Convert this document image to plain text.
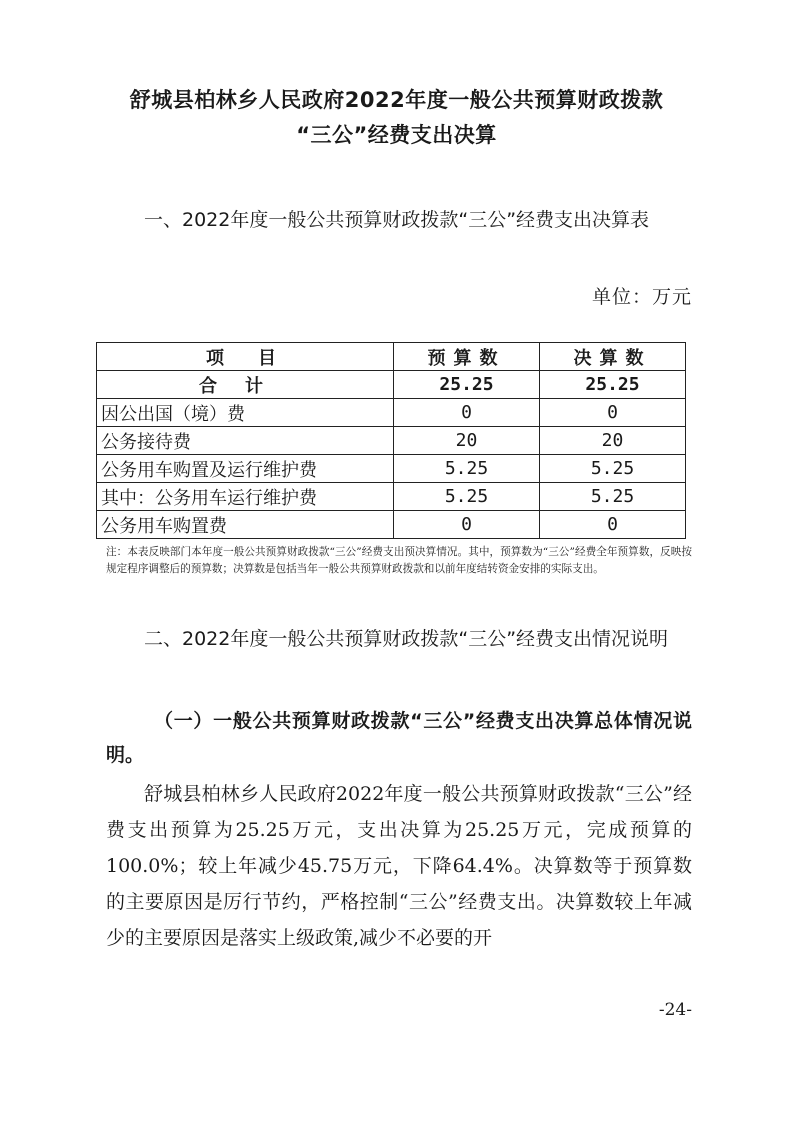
舒城县柏林乡人民政府2022年度一般公共预算财政拨款
“三公”经费支出决算
一、2022年度一般公共预算财政拨款“三公”经费支出决算表
单位：万元
项　目	预算数	决算数
合计	25.25	25.25
因公出国（境）费	0	0
公务接待费	20	20
公务用车购置及运行维护费	5.25	5.25
其中：公务用车运行维护费	5.25	5.25
公务用车购置费	0	0
注：本表反映部门本年度一般公共预算财政拨款“三公”经费支出预决算情况。其中，预算数为“三公”经费全年预算数，反映按规定程序调整后的预算数；决算数是包括当年一般公共预算财政拨款和以前年度结转资金安排的实际支出。
二、2022年度一般公共预算财政拨款“三公”经费支出情况说明
（一）一般公共预算财政拨款“三公”经费支出决算总体情况说明。
舒城县柏林乡人民政府2022年度一般公共预算财政拨款“三公”经费支出预算为25.25万元，支出决算为25.25万元，完成预算的100.0%；较上年减少45.75万元，下降64.4%。决算数等于预算数的主要原因是厉行节约，严格控制“三公”经费支出。决算数较上年减少的主要原因是落实上级政策,减少不必要的开
-24-
